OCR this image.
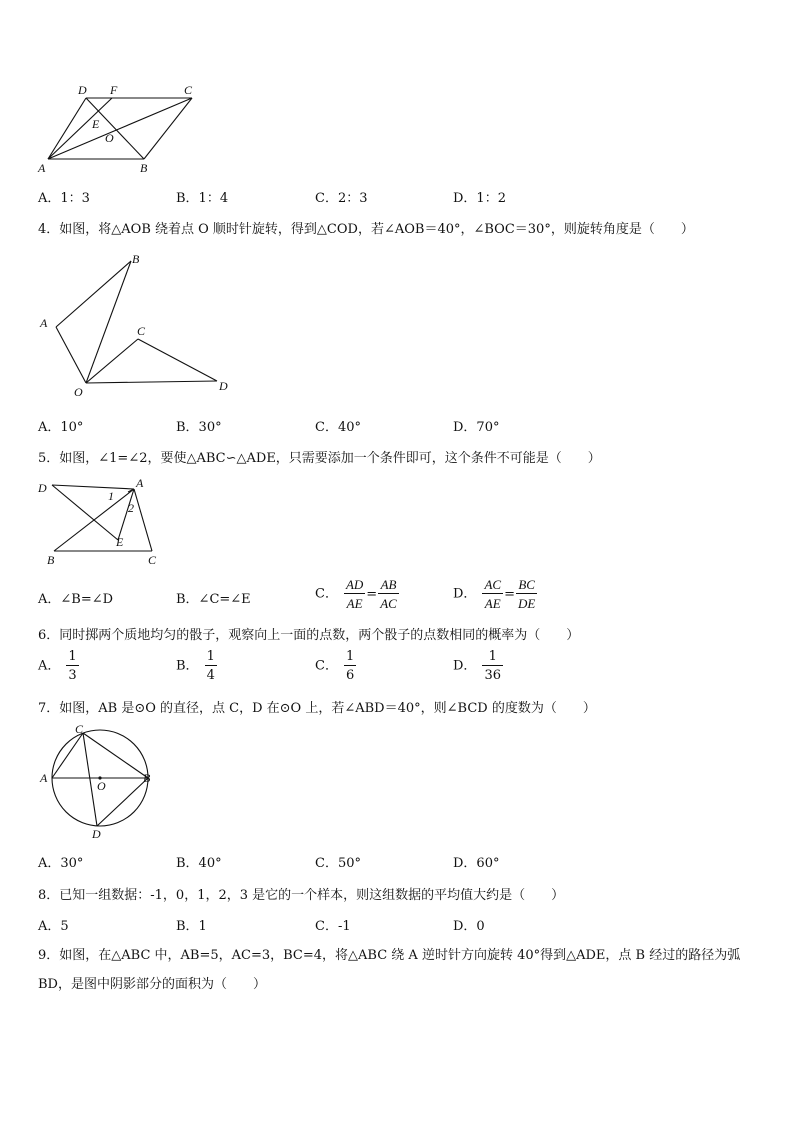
D F	C
E
O
A	B
A．1：3	B．1：4	C．2：3	D．1：2
4．如图，将△AOB 绕着点 O 顺时针旋转，得到△COD，若∠AOB＝40°，∠BOC＝30°，则旋转角度是（　　）
B
A
C
O	D
A．10°	B．30°	C．40°	D．70°
5．如图，∠1=∠2，要使△ABC∽△ADE，只需要添加一个条件即可，这个条件不可能是（　　）
D	A
1
2
E
B	C
A．∠B=∠D	B．∠C=∠E	C． $\frac{AD}{AE} = \frac{AB}{AC}$	D． $\frac{AC}{AE} = \frac{BC}{DE}$
6．同时掷两个质地均匀的骰子，观察向上一面的点数，两个骰子的点数相同的概率为（　　）
A． $\frac{1}{3}$	B． $\frac{1}{4}$	C． $\frac{1}{6}$	D． $\frac{1}{36}$
7．如图，AB 是⊙O 的直径，点 C，D 在⊙O 上，若∠ABD＝40°，则∠BCD 的度数为（　　）
C
A
O
B
D
A．30°	B．40°	C．50°	D．60°
8．已知一组数据：-1，0，1，2，3 是它的一个样本，则这组数据的平均值大约是（　　）
A．5	B．1	C．-1	D．0
9．如图，在△ABC 中，AB=5，AC=3，BC=4，将△ABC 绕 A 逆时针方向旋转 40°得到△ADE，点 B 经过的路径为弧 BD，是图中阴影部分的面积为（　　）
